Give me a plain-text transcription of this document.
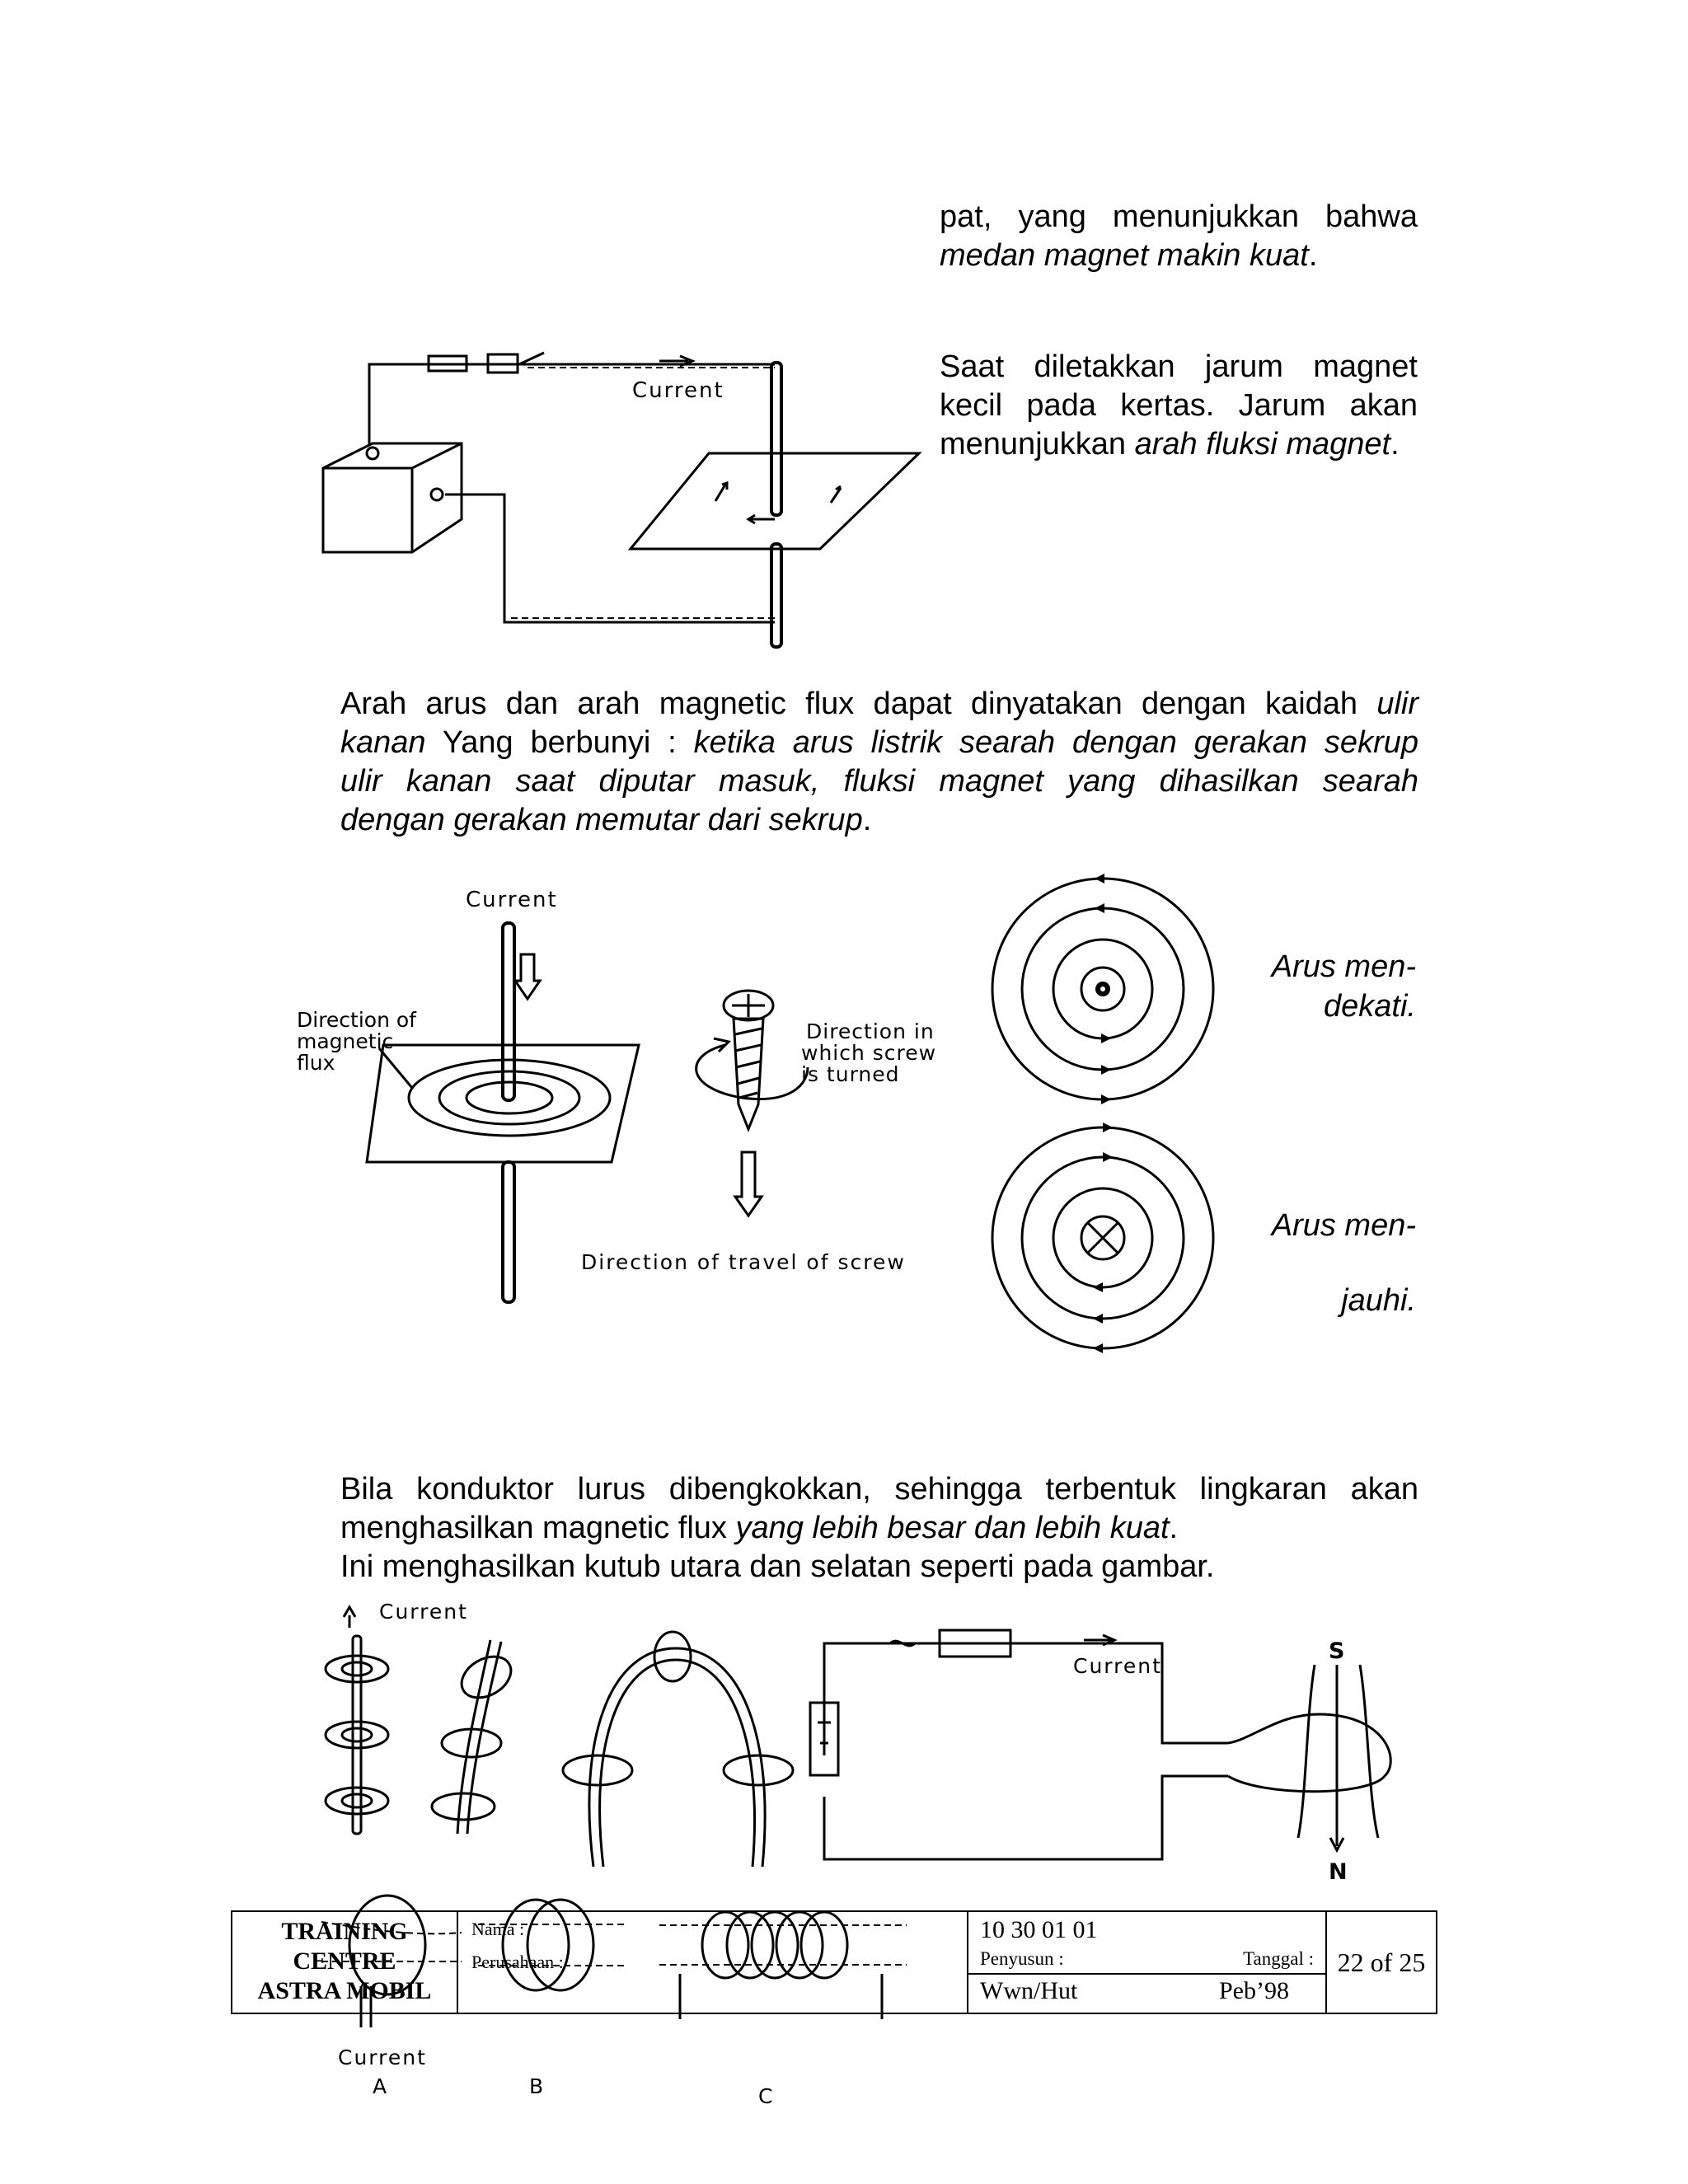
pat, yang menunjukkan bahwa
medan magnet makin kuat.
Saat diletakkan jarum magnet
kecil pada kertas. Jarum akan
menunjukkan arah fluksi magnet.
Current
Arah arus dan arah magnetic flux dapat dinyatakan dengan kaidah ulir
kanan Yang berbunyi : ketika arus listrik searah dengan gerakan sekrup
ulir kanan saat diputar masuk, fluksi magnet yang dihasilkan searah
dengan gerakan memutar dari sekrup.
Current
Direction of
magnetic
flux
Direction in
which screw
is turned
Direction of travel of screw
Arus men-
dekati.
Arus men-
jauhi.
Bila konduktor lurus dibengkokkan, sehingga terbentuk lingkaran akan
menghasilkan magnetic flux yang lebih besar dan lebih kuat.
Ini menghasilkan kutub utara dan selatan seperti pada gambar.
Current
Current
S
N
Current
A	B	C
TRAINING
CENTRE
ASTRA MOBIL

Nama :
Perusahaan :

10 30 01 01
Penyusun :	Tanggal :
Wwn/Hut	Peb’98
	22 of 25
